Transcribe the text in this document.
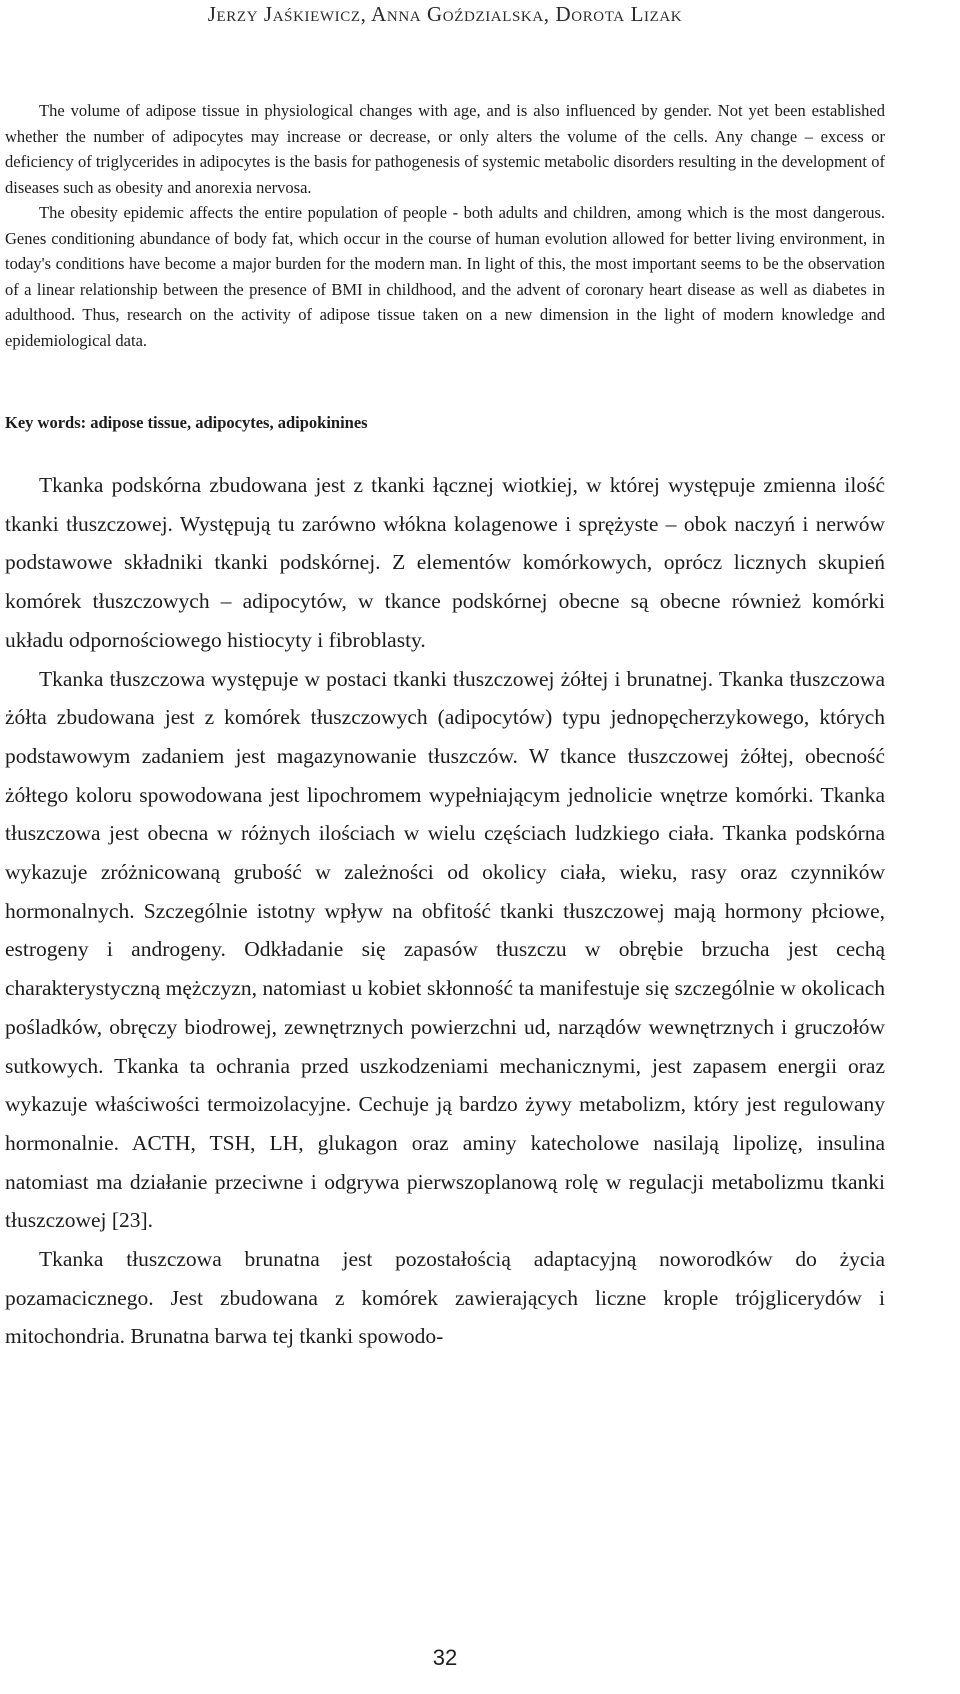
Jerzy Jaśkiewicz, Anna Goździalska, Dorota Lizak

The volume of adipose tissue in physiological changes with age, and is also influenced by gender. Not yet been established whether the number of adipocytes may increase or decrease, or only alters the volume of the cells. Any change – excess or deficiency of triglycerides in adipocytes is the basis for pathogenesis of systemic metabolic disorders resulting in the development of diseases such as obesity and anorexia nervosa.

The obesity epidemic affects the entire population of people - both adults and children, among which is the most dangerous. Genes conditioning abundance of body fat, which occur in the course of human evolution allowed for better living environment, in today's conditions have become a major burden for the modern man. In light of this, the most important seems to be the observation of a linear relationship between the presence of BMI in childhood, and the advent of coronary heart disease as well as diabetes in adulthood. Thus, research on the activity of adipose tissue taken on a new dimension in the light of modern knowledge and epidemiological data.

Key words: adipose tissue, adipocytes, adipokinines

Tkanka podskórna zbudowana jest z tkanki łącznej wiotkiej, w której występuje zmienna ilość tkanki tłuszczowej. Występują tu zarówno włókna kolagenowe i sprężyste – obok naczyń i nerwów podstawowe składniki tkanki podskórnej. Z elementów komórkowych, oprócz licznych skupień komórek tłuszczowych – adipocytów, w tkance podskórnej obecne są obecne również komórki układu odpornościowego histiocyty i fibroblasty.

Tkanka tłuszczowa występuje w postaci tkanki tłuszczowej żółtej i brunatnej. Tkanka tłuszczowa żółta zbudowana jest z komórek tłuszczowych (adipocytów) typu jednopęcherzykowego, których podstawowym zadaniem jest magazynowanie tłuszczów. W tkance tłuszczowej żółtej, obecność żółtego koloru spowodowana jest lipochromem wypełniającym jednolicie wnętrze komórki. Tkanka tłuszczowa jest obecna w różnych ilościach w wielu częściach ludzkiego ciała. Tkanka podskórna wykazuje zróżnicowaną grubość w zależności od okolicy ciała, wieku, rasy oraz czynników hormonalnych. Szczególnie istotny wpływ na obfitość tkanki tłuszczowej mają hormony płciowe, estrogeny i androgeny. Odkładanie się zapasów tłuszczu w obrębie brzucha jest cechą charakterystyczną mężczyzn, natomiast u kobiet skłonność ta manifestuje się szczególnie w okolicach pośladków, obręczy biodrowej, zewnętrznych powierzchni ud, narządów wewnętrznych i gruczołów sutkowych. Tkanka ta ochrania przed uszkodzeniami mechanicznymi, jest zapasem energii oraz wykazuje właściwości termoizolacyjne. Cechuje ją bardzo żywy metabolizm, który jest regulowany hormonalnie. ACTH, TSH, LH, glukagon oraz aminy katecholowe nasilają lipolizę, insulina natomiast ma działanie przeciwne i odgrywa pierwszoplanową rolę w regulacji metabolizmu tkanki tłuszczowej [23].

Tkanka tłuszczowa brunatna jest pozostałością adaptacyjną noworodków do życia pozamacicznego. Jest zbudowana z komórek zawierających liczne krople trójglicerydów i mitochondria. Brunatna barwa tej tkanki spowodo-

32
